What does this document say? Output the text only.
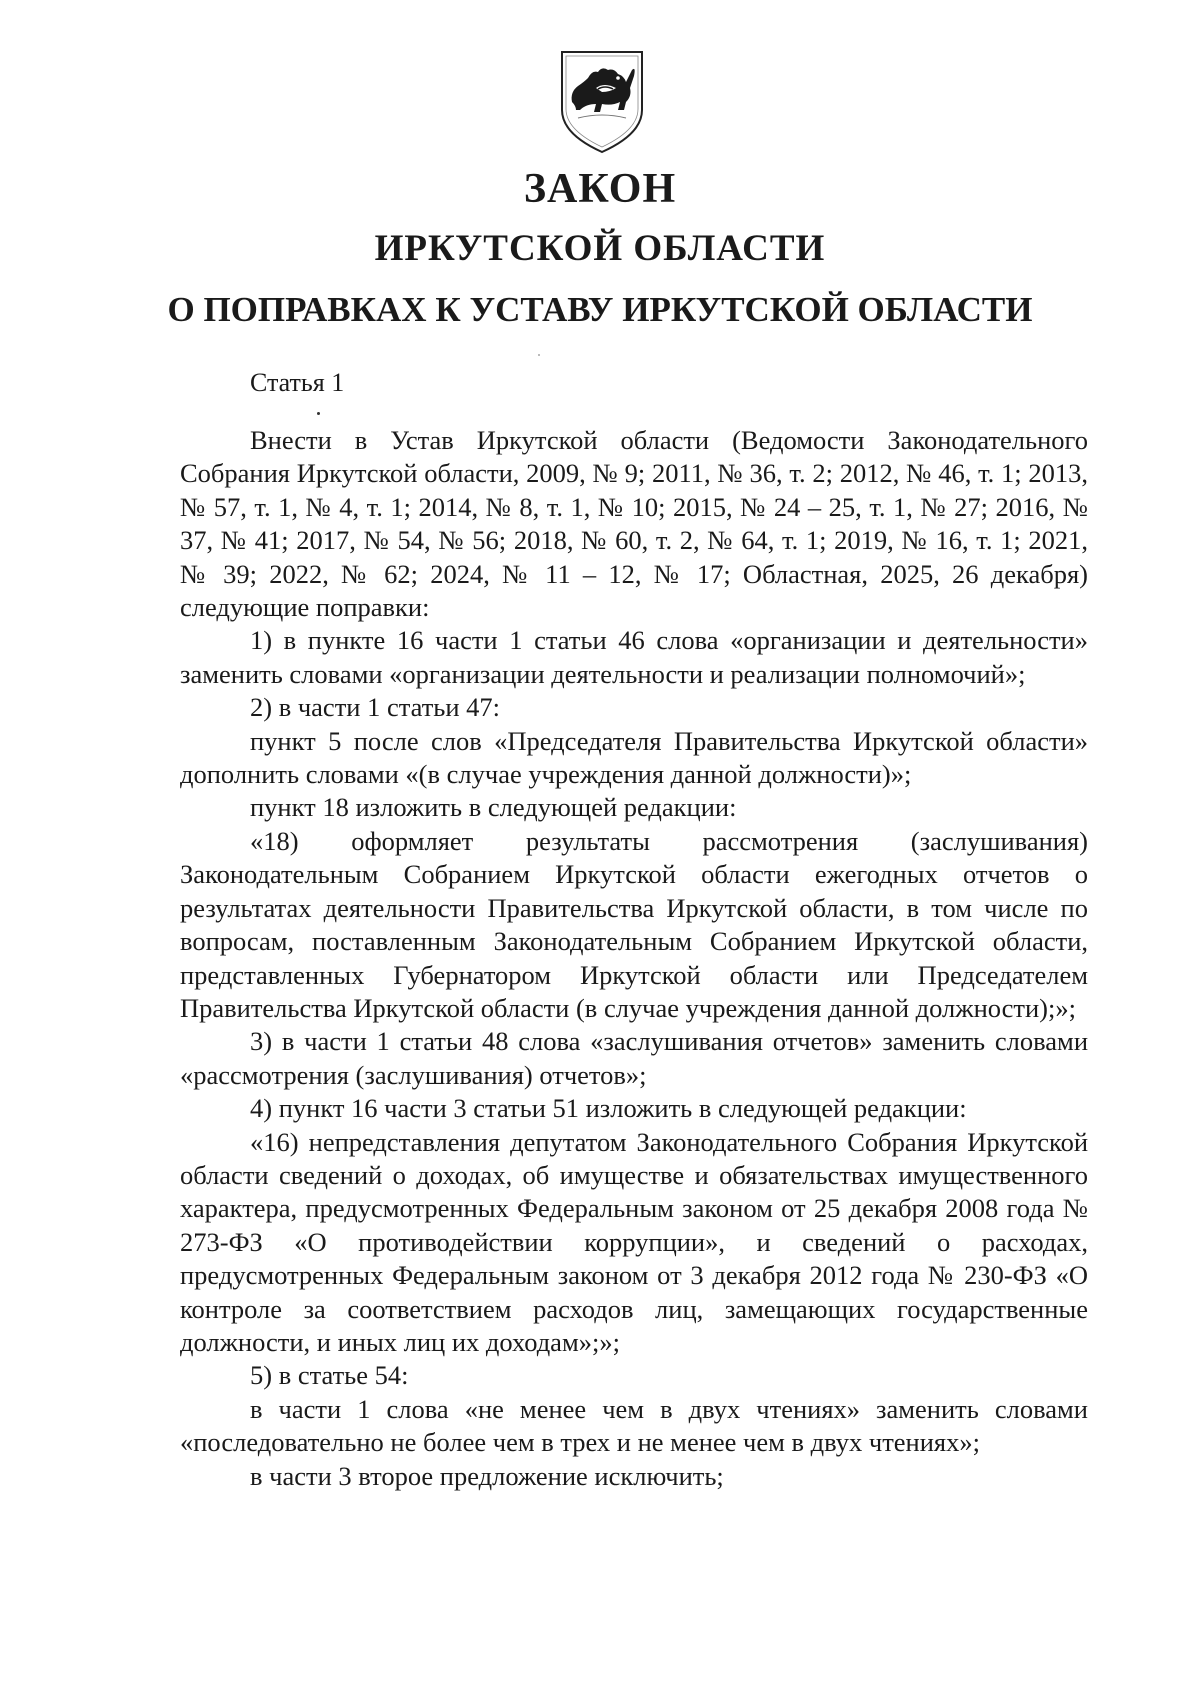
ЗАКОН
ИРКУТСКОЙ ОБЛАСТИ
О ПОПРАВКАХ К УСТАВУ ИРКУТСКОЙ ОБЛАСТИ
Статья 1

Внести в Устав Иркутской области (Ведомости Законодательного Собрания Иркутской области, 2009, № 9; 2011, № 36, т. 2; 2012, № 46, т. 1; 2013, № 57, т. 1, № 4, т. 1; 2014, № 8, т. 1, № 10; 2015, № 24 – 25, т. 1, № 27; 2016, № 37, № 41; 2017, № 54, № 56; 2018, № 60, т. 2, № 64, т. 1; 2019, № 16, т. 1; 2021, № 39; 2022, № 62; 2024, № 11 – 12, № 17; Областная, 2025, 26 декабря) следующие поправки:

1) в пункте 16 части 1 статьи 46 слова «организации и деятельности» заменить словами «организации деятельности и реализации полномочий»;

2) в части 1 статьи 47:

пункт 5 после слов «Председателя Правительства Иркутской области» дополнить словами «(в случае учреждения данной должности)»;

пункт 18 изложить в следующей редакции:

«18) оформляет результаты рассмотрения (заслушивания) Законодательным Собранием Иркутской области ежегодных отчетов о результатах деятельности Правительства Иркутской области, в том числе по вопросам, поставленным Законодательным Собранием Иркутской области, представленных Губернатором Иркутской области или Председателем Правительства Иркутской области (в случае учреждения данной должности);»;

3) в части 1 статьи 48 слова «заслушивания отчетов» заменить словами «рассмотрения (заслушивания) отчетов»;

4) пункт 16 части 3 статьи 51 изложить в следующей редакции:

«16) непредставления депутатом Законодательного Собрания Иркутской области сведений о доходах, об имуществе и обязательствах имущественного характера, предусмотренных Федеральным законом от 25 декабря 2008 года № 273-ФЗ «О противодействии коррупции», и сведений о расходах, предусмотренных Федеральным законом от 3 декабря 2012 года № 230-ФЗ «О контроле за соответствием расходов лиц, замещающих государственные должности, и иных лиц их доходам»;»;

5) в статье 54:

в части 1 слова «не менее чем в двух чтениях» заменить словами «последовательно не более чем в трех и не менее чем в двух чтениях»;

в части 3 второе предложение исключить;
